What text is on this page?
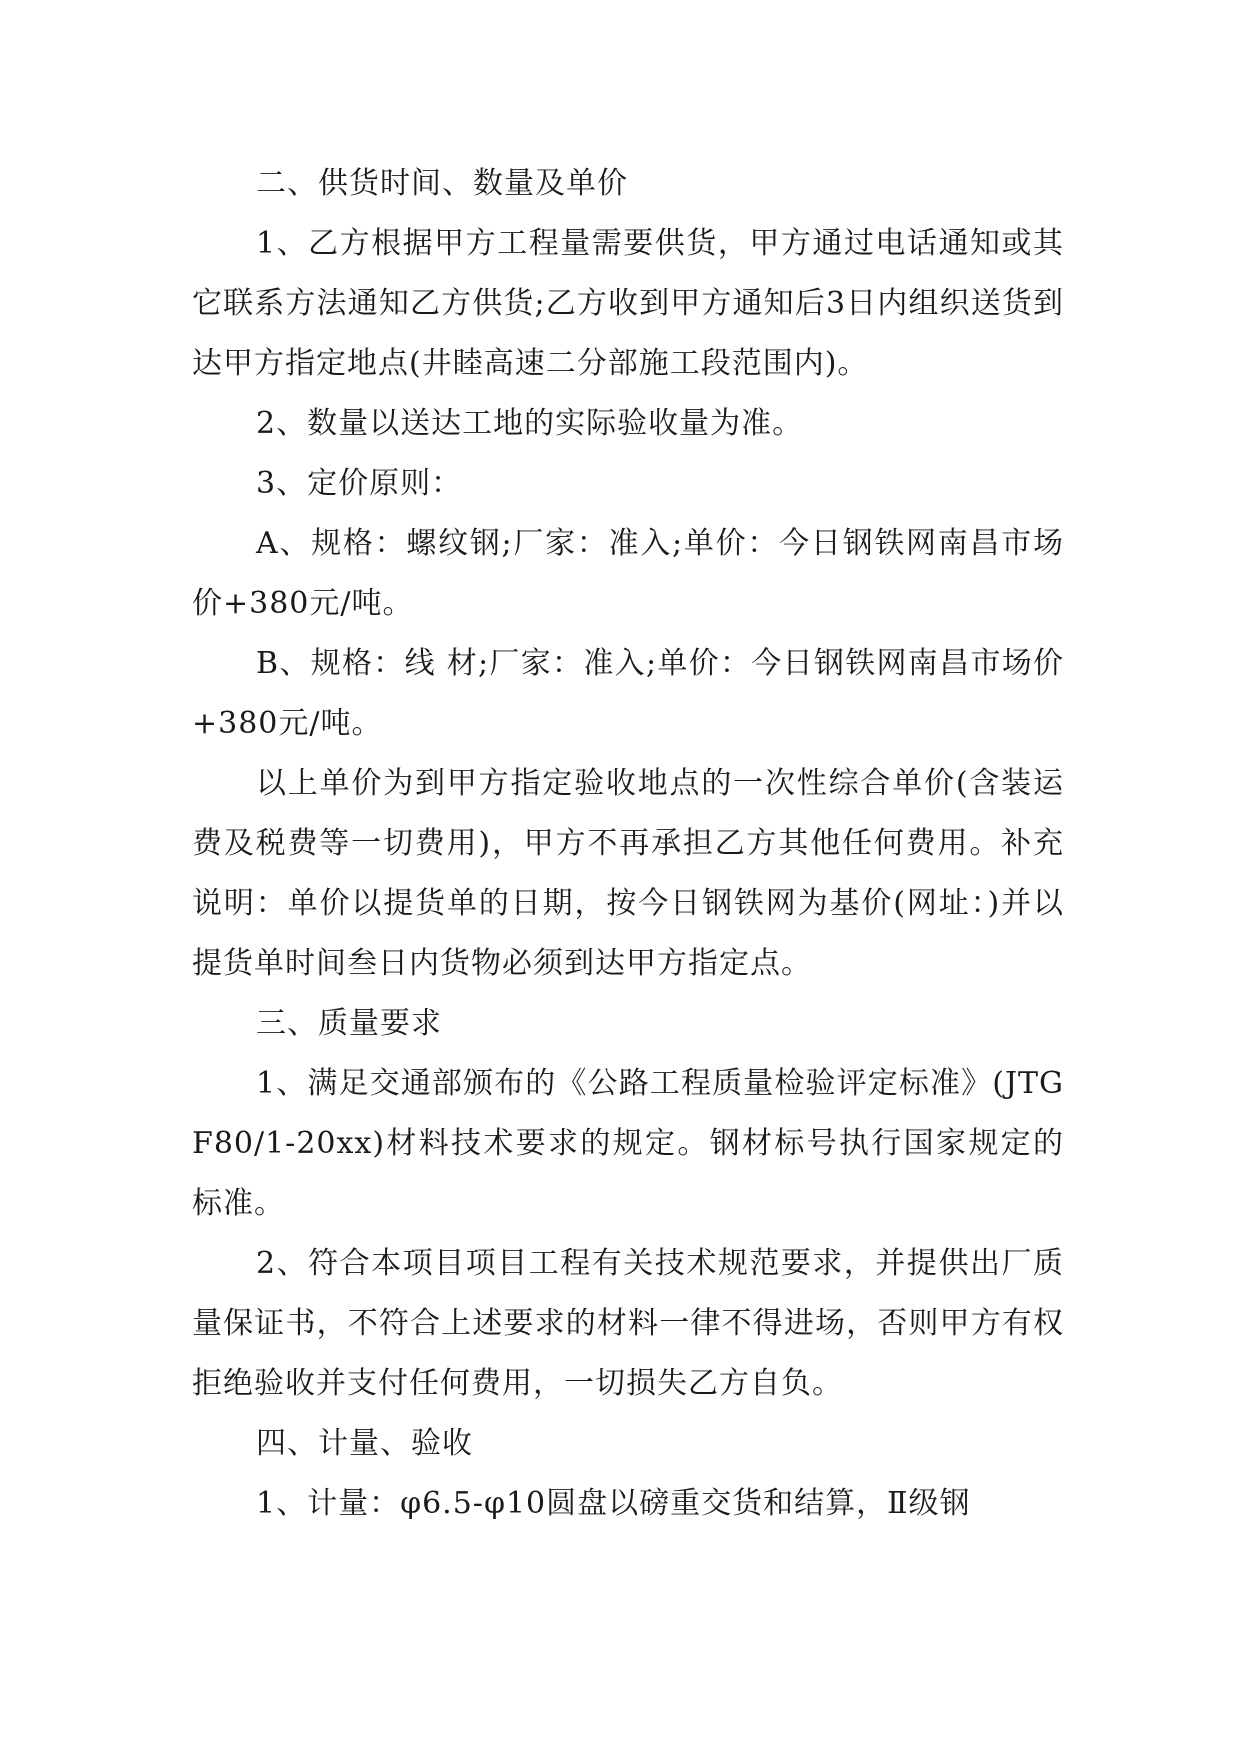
二、供货时间、数量及单价

1、乙方根据甲方工程量需要供货，甲方通过电话通知或其它联系方法通知乙方供货;乙方收到甲方通知后3日内组织送货到达甲方指定地点(井睦高速二分部施工段范围内)。

2、数量以送达工地的实际验收量为准。

3、定价原则：

A、规格：螺纹钢;厂家：准入;单价：今日钢铁网南昌市场价+380元/吨。

B、规格：线 材;厂家：准入;单价：今日钢铁网南昌市场价+380元/吨。

以上单价为到甲方指定验收地点的一次性综合单价(含装运费及税费等一切费用)，甲方不再承担乙方其他任何费用。补充说明：单价以提货单的日期，按今日钢铁网为基价(网址：)并以提货单时间叁日内货物必须到达甲方指定点。

三、质量要求

1、满足交通部颁布的《公路工程质量检验评定标准》(JTGF80/1-20xx)材料技术要求的规定。钢材标号执行国家规定的标准。

2、符合本项目项目工程有关技术规范要求，并提供出厂质量保证书，不符合上述要求的材料一律不得进场，否则甲方有权拒绝验收并支付任何费用，一切损失乙方自负。

四、计量、验收

1、计量：φ6.5-φ10圆盘以磅重交货和结算，Ⅱ级钢
